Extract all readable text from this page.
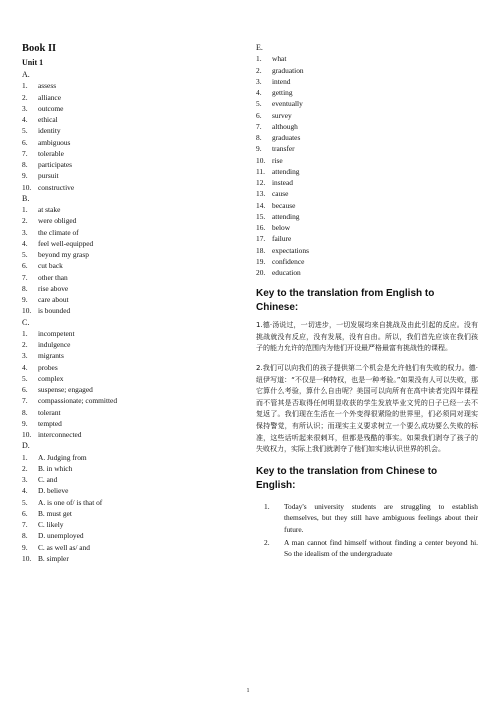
Book II
Unit 1
A.
1. assess
2. alliance
3. outcome
4. ethical
5. identity
6. ambiguous
7. tolerable
8. participates
9. pursuit
10. constructive
B.
1. at stake
2. were obliged
3. the climate of
4. feel well-equipped
5. beyond my grasp
6. cut back
7. other than
8. rise above
9. care about
10. is bounded
C.
1. incompetent
2. indulgence
3. migrants
4. probes
5. complex
6. suspense; engaged
7. compassionate; committed
8. tolerant
9. tempted
10. interconnected
D.
1. A. Judging from
2. B. in which
3. C. and
4. D. believe
5. A. is one of/ is that of
6. B. must get
7. C. likely
8. D. unemployed
9. C. as well as/ and
10. B. simpler
E.
1. what
2. graduation
3. intend
4. getting
5. eventually
6. survey
7. although
8. graduates
9. transfer
10. rise
11. attending
12. instead
13. cause
14. because
15. attending
16. below
17. failure
18. expectations
19. confidence
20. education
Key to the translation from English to Chinese:

1.德·汤说过，一切进步，一切发展均来自挑战及由此引起的反应。没有挑战就没有反应，没有发展，没有自由。所以，我们首先应该在我们孩子的能力允许的范围内为他们开设最严格最富有挑战性的课程。

2.我们可以向我们的孩子提供第二个机会是允许他们有失败的权力。德·纽伊写道：“不仅是一种特权，也是一种考验。”如果没有人可以失败，那它算什么考验，算什么自由呢？美国可以向所有在高中读者完四年课程而不管其是否取得任何明显收获的学生发放毕业文凭的日子已经一去不复返了。我们现在生活在一个外变得很紧险的世界里，们必须同对现实保持警觉，有所认识；而现实主义要求树立一个要么成功要么失败的标准，这些话听起来很刺耳，但都是残酷的事实。如果我们剥夺了孩子的失败权力，实际上我们就剥夺了他们如实地认识世界的机会。

Key to the translation from Chinese to English:
1.	Today's university students are struggling to establish themselves, but they still have ambiguous feelings about their future.
2.	A man cannot find himself without finding a center beyond hi. So the idealism of the undergraduate
1
